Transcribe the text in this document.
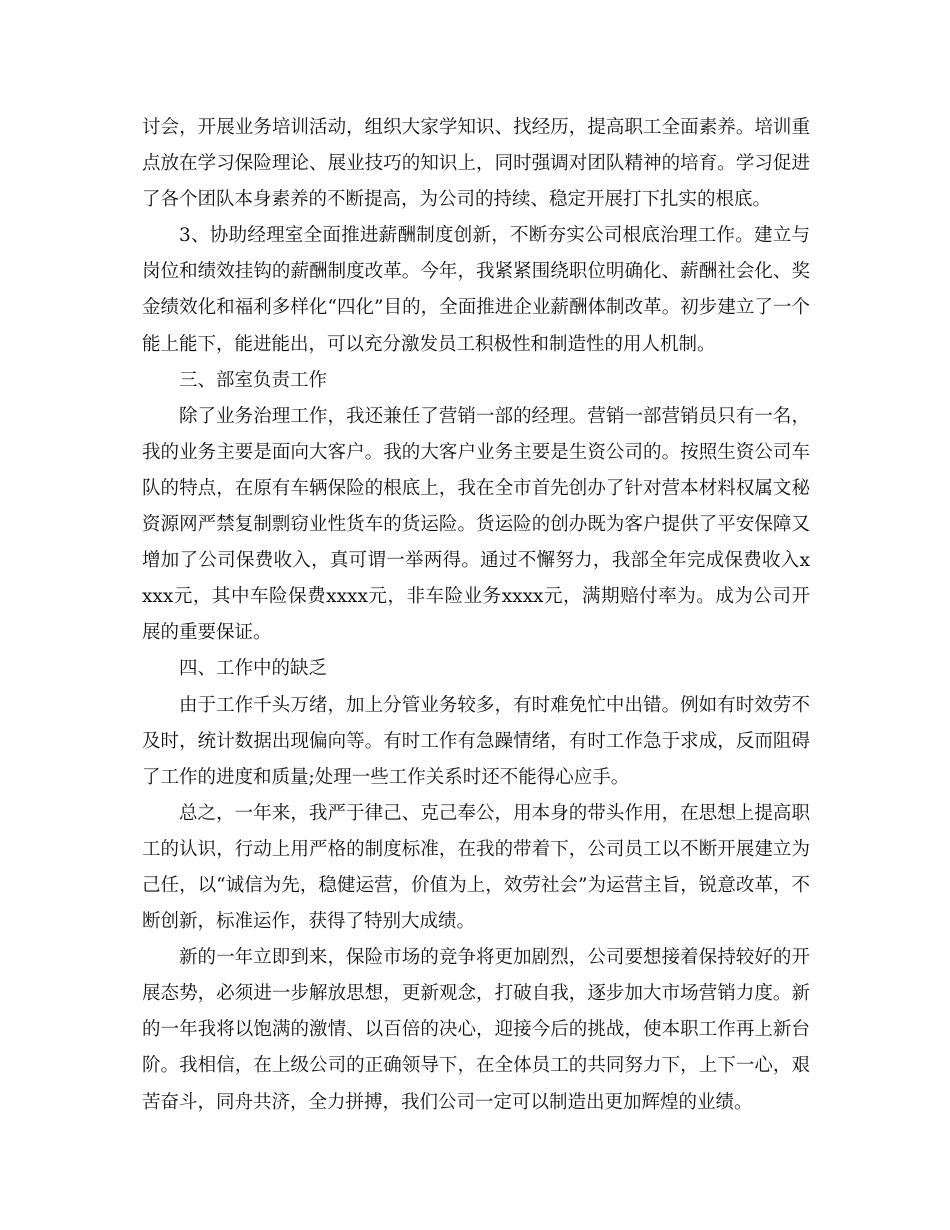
讨会，开展业务培训活动，组织大家学知识、找经历，提高职工全面素养。培训重点放在学习保险理论、展业技巧的知识上，同时强调对团队精神的培育。学习促进了各个团队本身素养的不断提高，为公司的持续、稳定开展打下扎实的根底。

3、协助经理室全面推进薪酬制度创新，不断夯实公司根底治理工作。建立与岗位和绩效挂钩的薪酬制度改革。今年，我紧紧围绕职位明确化、薪酬社会化、奖金绩效化和福利多样化“四化”目的，全面推进企业薪酬体制改革。初步建立了一个能上能下，能进能出，可以充分激发员工积极性和制造性的用人机制。

三、部室负责工作

除了业务治理工作，我还兼任了营销一部的经理。营销一部营销员只有一名，我的业务主要是面向大客户。我的大客户业务主要是生资公司的。按照生资公司车队的特点，在原有车辆保险的根底上，我在全市首先创办了针对营本材料权属文秘资源网严禁复制剽窃业性货车的货运险。货运险的创办既为客户提供了平安保障又增加了公司保费收入，真可谓一举两得。通过不懈努力，我部全年完成保费收入xxxx元，其中车险保费xxxx元，非车险业务xxxx元，满期赔付率为。成为公司开展的重要保证。

四、工作中的缺乏

由于工作千头万绪，加上分管业务较多，有时难免忙中出错。例如有时效劳不及时，统计数据出现偏向等。有时工作有急躁情绪，有时工作急于求成，反而阻碍了工作的进度和质量;处理一些工作关系时还不能得心应手。

总之，一年来，我严于律己、克己奉公，用本身的带头作用，在思想上提高职工的认识，行动上用严格的制度标准，在我的带着下，公司员工以不断开展建立为己任，以“诚信为先，稳健运营，价值为上，效劳社会”为运营主旨，锐意改革，不断创新，标准运作，获得了特别大成绩。

新的一年立即到来，保险市场的竞争将更加剧烈，公司要想接着保持较好的开展态势，必须进一步解放思想，更新观念，打破自我，逐步加大市场营销力度。新的一年我将以饱满的激情、以百倍的决心，迎接今后的挑战，使本职工作再上新台阶。我相信，在上级公司的正确领导下，在全体员工的共同努力下，上下一心，艰苦奋斗，同舟共济，全力拼搏，我们公司一定可以制造出更加辉煌的业绩。
